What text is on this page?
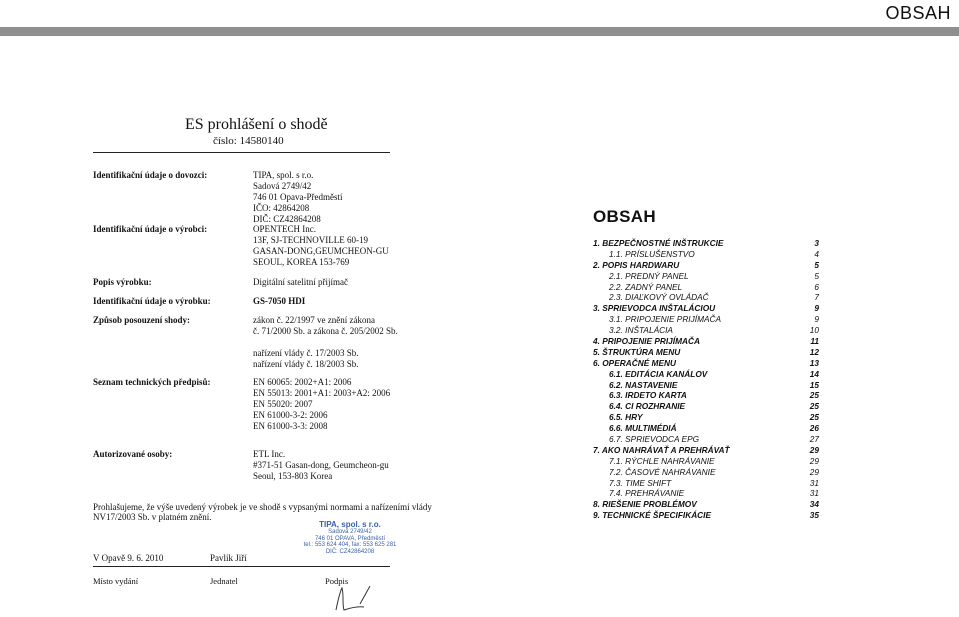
OBSAH
ES prohlášení o shodě
číslo: 14580140
Identifikační údaje o dovozci:	TIPA, spol. s r.o.
Sadová 2749/42
746 01 Opava-Předměstí
IČO: 42864208
DIČ: CZ42864208
Identifikační údaje o výrobci:	OPENTECH Inc.
13F, SJ-TECHNOVILLE 60-19
GASAN-DONG,GEUMCHEON-GU
SEOUL, KOREA 153-769
Popis výrobku:	Digitální satelitní přijímač
Identifikační údaje o výrobku:	GS-7050 HDI
Způsob posouzení shody:	zákon č. 22/1997 ve znění zákona
č. 71/2000 Sb. a zákona č. 205/2002 Sb.
nařízení vlády č. 17/2003 Sb.
nařízení vlády č. 18/2003 Sb.
Seznam technických předpisů:	EN 60065: 2002+A1: 2006
EN 55013: 2001+A1: 2003+A2: 2006
EN 55020: 2007
EN 61000-3-2: 2006
EN 61000-3-3: 2008
Autorizované osoby:	ETL Inc.
#371-51 Gasan-dong, Geumcheon-gu
Seoul, 153-803 Korea
Prohlašujeme, že výše uvedený výrobek je ve shodě s vypsanými normami a nařízeními vlády
NV17/2003 Sb. v platném znění.
TIPA, spol. s r.o.
Sadová 2749/42
746 01 OPAVA, Předměstí
tel.: 553 624 404, fax: 553 625 281
DIČ: CZ42864208
V Opavě 9. 6. 2010	Pavlík Jiří
Místo vydání	Jednatel	Podpis
OBSAH
1. BEZPEČNOSTNÉ INŠTRUKCIE	3
1.1. PRÍSLUŠENSTVO	4
2. POPIS HARDWARU	5
2.1. PREDNÝ PANEL	5
2.2. ZADNÝ PANEL	6
2.3. DIAĽKOVÝ OVLÁDAČ	7
3. SPRIEVODCA INŠTALÁCIOU	9
3.1. PRIPOJENIE PRIJÍMAČA	9
3.2. INŠTALÁCIA	10
4. PRIPOJENIE PRIJÍMAČA	11
5. ŠTRUKTÚRA MENU	12
6. OPERAČNÉ MENU	13
6.1. EDITÁCIA KANÁLOV	14
6.2. NASTAVENIE	15
6.3. IRDETO KARTA	25
6.4. CI ROZHRANIE	25
6.5. HRY	25
6.6. MULTIMÉDIÁ	26
6.7. SPRIEVODCA EPG	27
7. AKO NAHRÁVAŤ A PREHRÁVAŤ	29
7.1. RÝCHLE NAHRÁVANIE	29
7.2. ČASOVÉ NAHRÁVANIE	29
7.3. TIME SHIFT	31
7.4. PREHRÁVANIE	31
8. RIEŠENIE PROBLÉMOV	34
9. TECHNICKÉ ŠPECIFIKÁCIE	35
